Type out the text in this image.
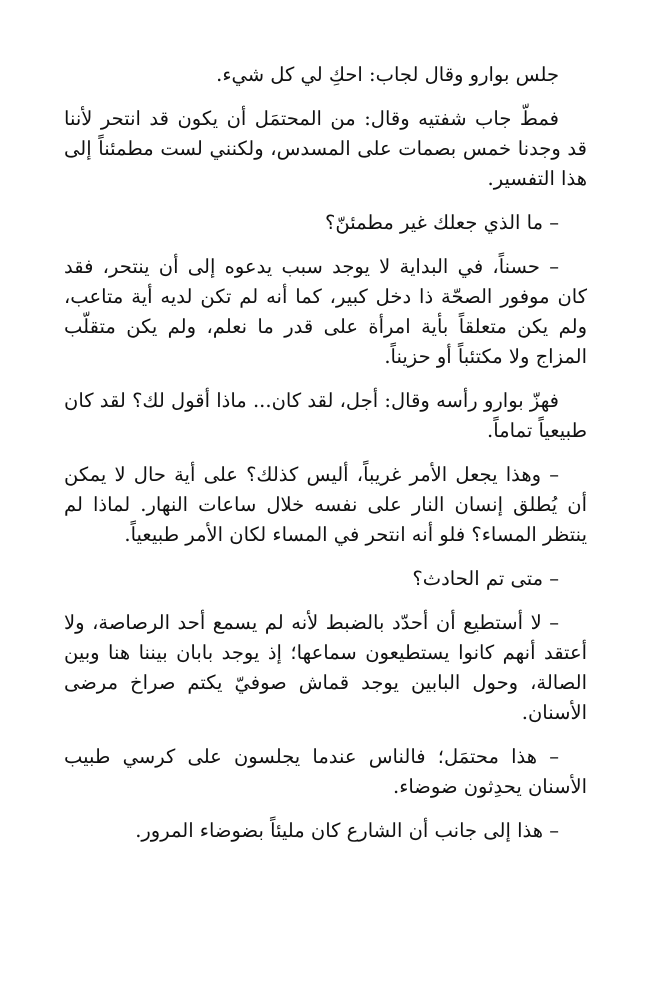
جلس بوارو وقال لجاب: احكِ لي كل شيء.

فمطّ جاب شفتيه وقال: من المحتمَل أن يكون قد انتحر لأننا قد وجدنا خمس بصمات على المسدس، ولكنني لست مطمئناً إلى هذا التفسير.

– ما الذي جعلك غير مطمئنّ؟

– حسناً، في البداية لا يوجد سبب يدعوه إلى أن ينتحر، فقد كان موفور الصحّة ذا دخل كبير، كما أنه لم تكن لديه أية متاعب، ولم يكن متعلقاً بأية امرأة على قدر ما نعلم، ولم يكن متقلّب المزاج ولا مكتئباً أو حزيناً.

فهزّ بوارو رأسه وقال: أجل، لقد كان... ماذا أقول لك؟ لقد كان طبيعياً تماماً.

– وهذا يجعل الأمر غريباً، أليس كذلك؟ على أية حال لا يمكن أن يُطلق إنسان النار على نفسه خلال ساعات النهار. لماذا لم ينتظر المساء؟ فلو أنه انتحر في المساء لكان الأمر طبيعياً.

– متى تم الحادث؟

– لا أستطيع أن أحدّد بالضبط لأنه لم يسمع أحد الرصاصة، ولا أعتقد أنهم كانوا يستطيعون سماعها؛ إذ يوجد بابان بيننا هنا وبين الصالة، وحول البابين يوجد قماش صوفيّ يكتم صراخ مرضى الأسنان.

– هذا محتمَل؛ فالناس عندما يجلسون على كرسي طبيب الأسنان يحدِثون ضوضاء.

– هذا إلى جانب أن الشارع كان مليئاً بضوضاء المرور.
